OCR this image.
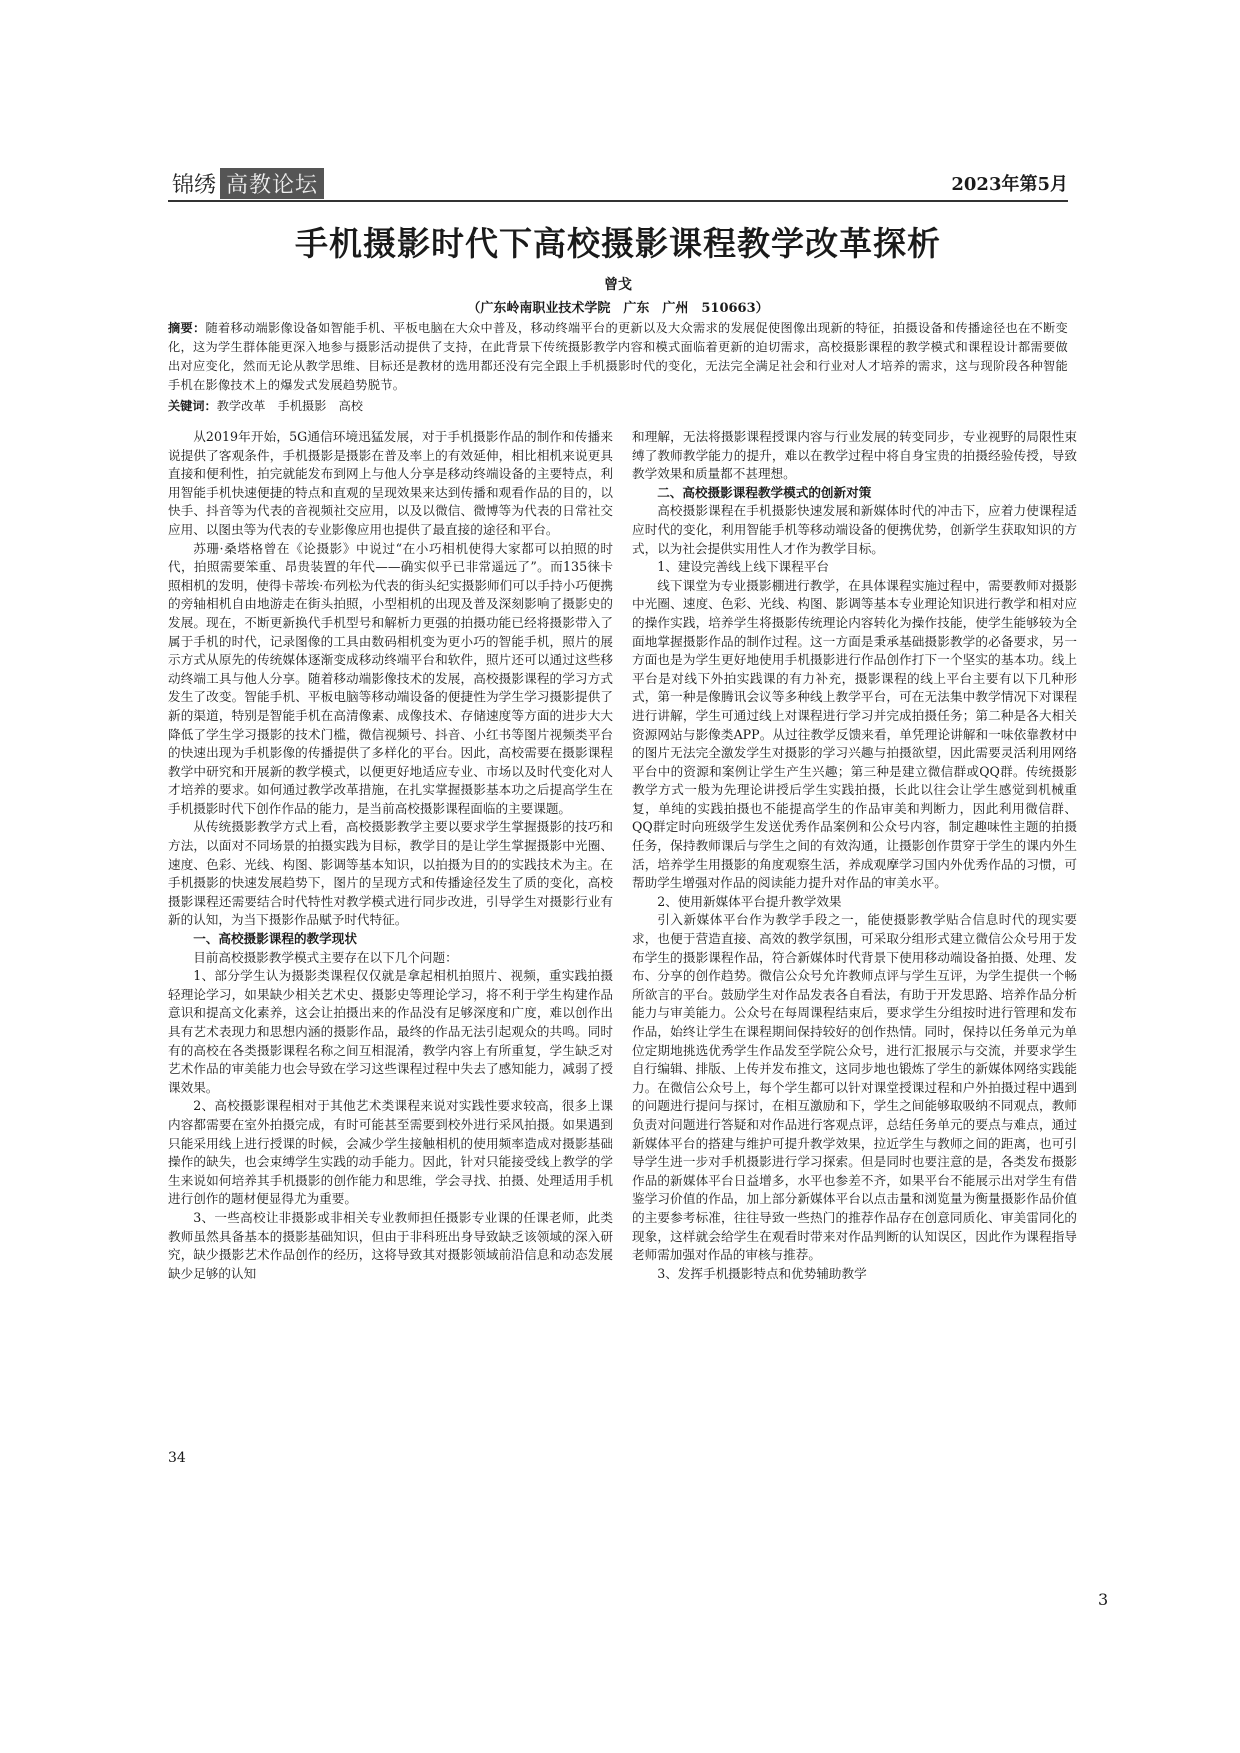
锦绣 高教论坛	2023年第5月
手机摄影时代下高校摄影课程教学改革探析
曾戈
（广东岭南职业技术学院　广东　广州　510663）
摘要：随着移动端影像设备如智能手机、平板电脑在大众中普及，移动终端平台的更新以及大众需求的发展促使图像出现新的特征，拍摄设备和传播途径也在不断变化，这为学生群体能更深入地参与摄影活动提供了支持，在此背景下传统摄影教学内容和模式面临着更新的迫切需求，高校摄影课程的教学模式和课程设计都需要做出对应变化，然而无论从教学思维、目标还是教材的选用都还没有完全跟上手机摄影时代的变化，无法完全满足社会和行业对人才培养的需求，这与现阶段各种智能手机在影像技术上的爆发式发展趋势脱节。
关键词：教学改革　手机摄影　高校

从2019年开始，5G通信环境迅猛发展，对于手机摄影作品的制作和传播来说提供了客观条件，手机摄影是摄影在普及率上的有效延伸，相比相机来说更具直接和便利性，拍完就能发布到网上与他人分享是移动终端设备的主要特点，利用智能手机快速便捷的特点和直观的呈现效果来达到传播和观看作品的目的，以快手、抖音等为代表的音视频社交应用，以及以微信、微博等为代表的日常社交应用、以图虫等为代表的专业影像应用也提供了最直接的途径和平台。

苏珊·桑塔格曾在《论摄影》中说过“在小巧相机使得大家都可以拍照的时代，拍照需要笨重、昂贵装置的年代——确实似乎已非常遥远了”。而135徕卡照相机的发明，使得卡蒂埃·布列松为代表的街头纪实摄影师们可以手持小巧便携的旁轴相机自由地游走在街头拍照，小型相机的出现及普及深刻影响了摄影史的发展。现在，不断更新换代手机型号和解析力更强的拍摄功能已经将摄影带入了属于手机的时代，记录图像的工具由数码相机变为更小巧的智能手机，照片的展示方式从原先的传统媒体逐渐变成移动终端平台和软件，照片还可以通过这些移动终端工具与他人分享。随着移动端影像技术的发展，高校摄影课程的学习方式发生了改变。智能手机、平板电脑等移动端设备的便捷性为学生学习摄影提供了新的渠道，特别是智能手机在高清像素、成像技术、存储速度等方面的进步大大降低了学生学习摄影的技术门槛，微信视频号、抖音、小红书等图片视频类平台的快速出现为手机影像的传播提供了多样化的平台。因此，高校需要在摄影课程教学中研究和开展新的教学模式，以便更好地适应专业、市场以及时代变化对人才培养的要求。如何通过教学改革措施，在扎实掌握摄影基本功之后提高学生在手机摄影时代下创作作品的能力，是当前高校摄影课程面临的主要课题。

从传统摄影教学方式上看，高校摄影教学主要以要求学生掌握摄影的技巧和方法，以面对不同场景的拍摄实践为目标，教学目的是让学生掌握摄影中光圈、速度、色彩、光线、构图、影调等基本知识，以拍摄为目的的实践技术为主。在手机摄影的快速发展趋势下，图片的呈现方式和传播途径发生了质的变化，高校摄影课程还需要结合时代特性对教学模式进行同步改进，引导学生对摄影行业有新的认知，为当下摄影作品赋予时代特征。

一、高校摄影课程的教学现状

目前高校摄影教学模式主要存在以下几个问题：

1、部分学生认为摄影类课程仅仅就是拿起相机拍照片、视频，重实践拍摄轻理论学习，如果缺少相关艺术史、摄影史等理论学习，将不利于学生构建作品意识和提高文化素养，这会让拍摄出来的作品没有足够深度和广度，难以创作出具有艺术表现力和思想内涵的摄影作品，最终的作品无法引起观众的共鸣。同时有的高校在各类摄影课程名称之间互相混淆，教学内容上有所重复，学生缺乏对艺术作品的审美能力也会导致在学习这些课程过程中失去了感知能力，减弱了授课效果。

2、高校摄影课程相对于其他艺术类课程来说对实践性要求较高，很多上课内容都需要在室外拍摄完成，有时可能甚至需要到校外进行采风拍摄。如果遇到只能采用线上进行授课的时候，会减少学生接触相机的使用频率造成对摄影基础操作的缺失，也会束缚学生实践的动手能力。因此，针对只能接受线上教学的学生来说如何培养其手机摄影的创作能力和思维，学会寻找、拍摄、处理适用手机进行创作的题材便显得尤为重要。

3、一些高校让非摄影或非相关专业教师担任摄影专业课的任课老师，此类教师虽然具备基本的摄影基础知识，但由于非科班出身导致缺乏该领域的深入研究，缺少摄影艺术作品创作的经历，这将导致其对摄影领域前沿信息和动态发展缺少足够的认知

和理解，无法将摄影课程授课内容与行业发展的转变同步，专业视野的局限性束缚了教师教学能力的提升，难以在教学过程中将自身宝贵的拍摄经验传授，导致教学效果和质量都不甚理想。

二、高校摄影课程教学模式的创新对策

高校摄影课程在手机摄影快速发展和新媒体时代的冲击下，应着力使课程适应时代的变化，利用智能手机等移动端设备的便携优势，创新学生获取知识的方式，以为社会提供实用性人才作为教学目标。

1、建设完善线上线下课程平台

线下课堂为专业摄影棚进行教学，在具体课程实施过程中，需要教师对摄影中光圈、速度、色彩、光线、构图、影调等基本专业理论知识进行教学和相对应的操作实践，培养学生将摄影传统理论内容转化为操作技能，使学生能够较为全面地掌握摄影作品的制作过程。这一方面是秉承基础摄影教学的必备要求，另一方面也是为学生更好地使用手机摄影进行作品创作打下一个坚实的基本功。线上平台是对线下外拍实践课的有力补充，摄影课程的线上平台主要有以下几种形式，第一种是像腾讯会议等多种线上教学平台，可在无法集中教学情况下对课程进行讲解，学生可通过线上对课程进行学习并完成拍摄任务；第二种是各大相关资源网站与影像类APP。从过往教学反馈来看，单凭理论讲解和一味依靠教材中的图片无法完全激发学生对摄影的学习兴趣与拍摄欲望，因此需要灵活利用网络平台中的资源和案例让学生产生兴趣；第三种是建立微信群或QQ群。传统摄影教学方式一般为先理论讲授后学生实践拍摄，长此以往会让学生感觉到机械重复，单纯的实践拍摄也不能提高学生的作品审美和判断力，因此利用微信群、QQ群定时向班级学生发送优秀作品案例和公众号内容，制定趣味性主题的拍摄任务，保持教师课后与学生之间的有效沟通，让摄影创作贯穿于学生的课内外生活，培养学生用摄影的角度观察生活，养成观摩学习国内外优秀作品的习惯，可帮助学生增强对作品的阅读能力提升对作品的审美水平。

2、使用新媒体平台提升教学效果

引入新媒体平台作为教学手段之一，能使摄影教学贴合信息时代的现实要求，也便于营造直接、高效的教学氛围，可采取分组形式建立微信公众号用于发布学生的摄影课程作品，符合新媒体时代背景下使用移动端设备拍摄、处理、发布、分享的创作趋势。微信公众号允许教师点评与学生互评，为学生提供一个畅所欲言的平台。鼓励学生对作品发表各自看法，有助于开发思路、培养作品分析能力与审美能力。公众号在每周课程结束后，要求学生分组按时进行管理和发布作品，始终让学生在课程期间保持较好的创作热情。同时，保持以任务单元为单位定期地挑选优秀学生作品发至学院公众号，进行汇报展示与交流，并要求学生自行编辑、排版、上传并发布推文，这同步地也锻炼了学生的新媒体网络实践能力。在微信公众号上，每个学生都可以针对课堂授课过程和户外拍摄过程中遇到的问题进行提问与探讨，在相互激励和下，学生之间能够取吸纳不同观点，教师负责对问题进行答疑和对作品进行客观点评，总结任务单元的要点与难点，通过新媒体平台的搭建与维护可提升教学效果，拉近学生与教师之间的距离，也可引导学生进一步对手机摄影进行学习探索。但是同时也要注意的是，各类发布摄影作品的新媒体平台日益增多，水平也参差不齐，如果平台不能展示出对学生有借鉴学习价值的作品，加上部分新媒体平台以点击量和浏览量为衡量摄影作品价值的主要参考标准，往往导致一些热门的推荐作品存在创意同质化、审美雷同化的现象，这样就会给学生在观看时带来对作品判断的认知误区，因此作为课程指导老师需加强对作品的审核与推荐。

3、发挥手机摄影特点和优势辅助教学

34
3
